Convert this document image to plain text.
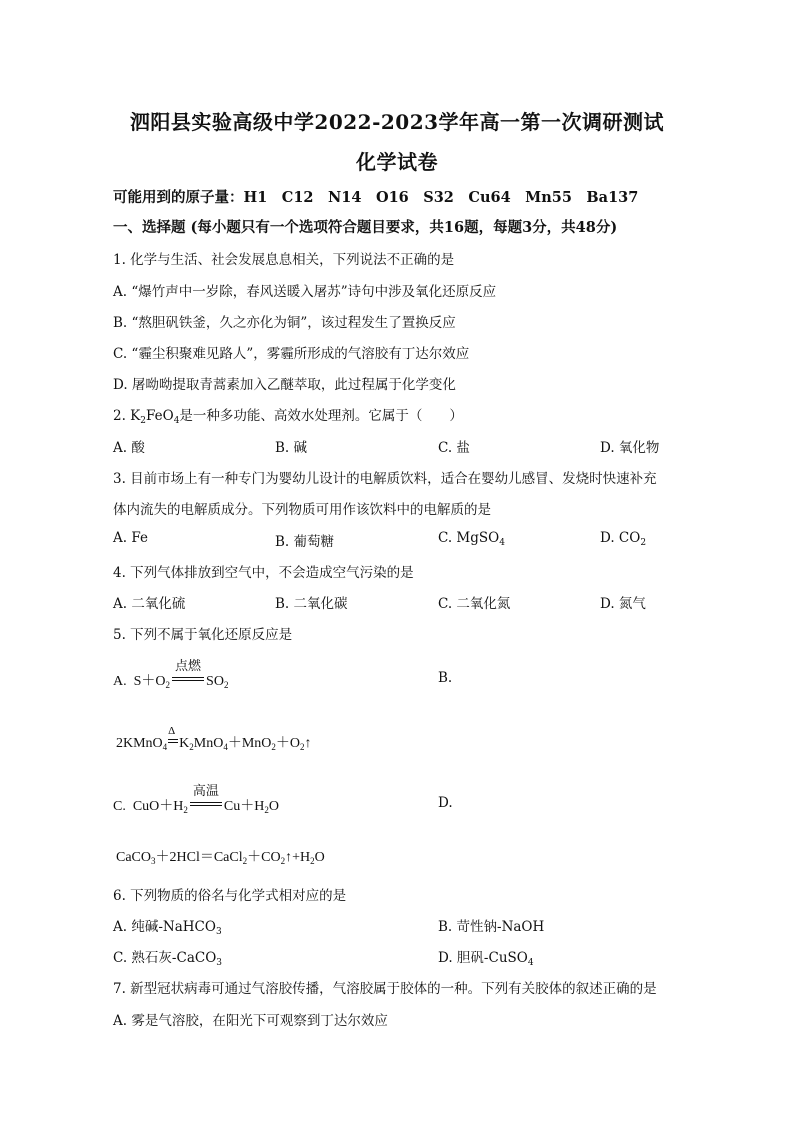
泗阳县实验高级中学2022-2023学年高一第一次调研测试
化学试卷
可能用到的原子量：H1　C12　N14　O16　S32　Cu64　Mn55　Ba137
一、选择题 (每小题只有一个选项符合题目要求，共16题，每题3分，共48分)
1. 化学与生活、社会发展息息相关，下列说法不正确的是
A. “爆竹声中一岁除，春风送暖入屠苏”诗句中涉及氧化还原反应
B. “熬胆矾铁釜，久之亦化为铜”，该过程发生了置换反应
C. “霾尘积聚难见路人”，雾霾所形成的气溶胶有丁达尔效应
D. 屠呦呦提取青蒿素加入乙醚萃取，此过程属于化学变化
2. $K_2FeO_4$是一种多功能、高效水处理剂。它属于（　　）
A. 酸	B. 碱	C. 盐	D. 氧化物
3. 目前市场上有一种专门为婴幼儿设计的电解质饮料，适合在婴幼儿感冒、发烧时快速补充
体内流失的电解质成分。下列物质可用作该饮料中的电解质的是
A. Fe	B. 葡萄糖	C. MgSO$_4$	D. $CO_2$
4. 下列气体排放到空气中，不会造成空气污染的是
A. 二氧化硫	B. 二氧化碳	C. 二氧化氮	D. 氮气
5. 下列不属于氧化还原反应是
A.  $S+O_2$
点燃
$SO_2$	B.
2KMnO$_4$
Δ
$K_2MnO_4+MnO_2+O_2↑$
C.  $CuO+H_2$
高温
$Cu+H_2O$	D.
$CaCO_3+2HCl=CaCl_2+CO_2↑+H_2O$
6. 下列物质的俗名与化学式相对应的是
A. 纯碱-NaHCO$_3$	B. 苛性钠-NaOH
C. 熟石灰-CaCO$_3$	D. 胆矾-CuSO$_4$
7. 新型冠状病毒可通过气溶胶传播，气溶胶属于胶体的一种。下列有关胶体的叙述正确的是
A. 雾是气溶胶，在阳光下可观察到丁达尔效应
